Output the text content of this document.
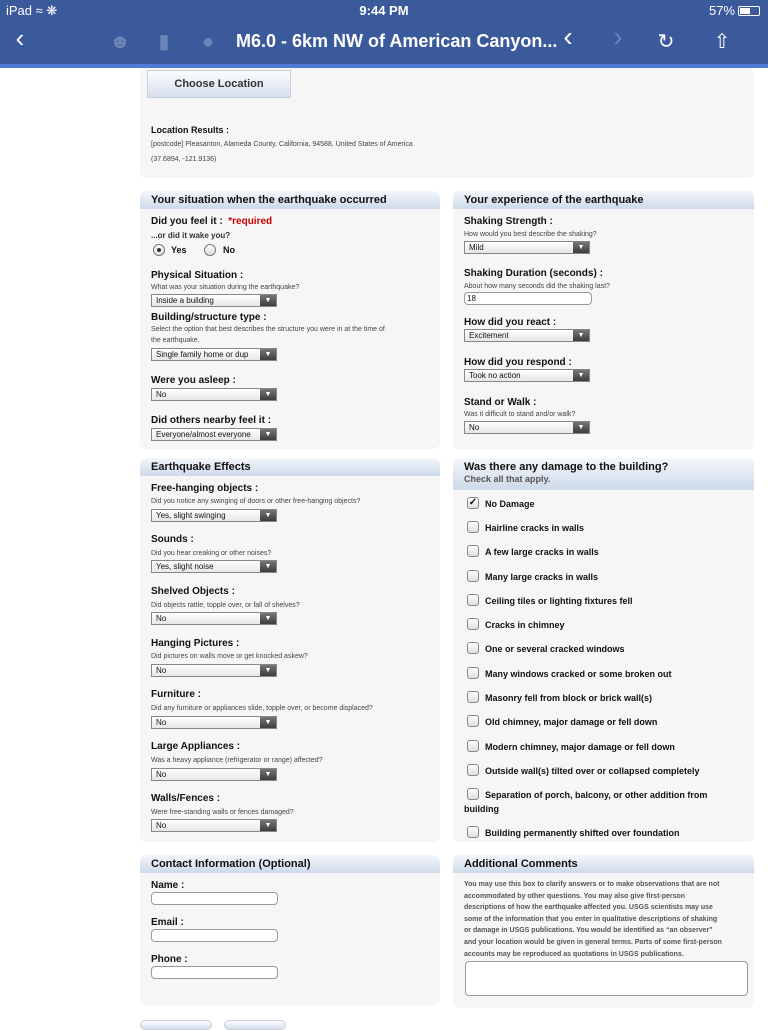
iPad ≈ ❋	9:44 PM	57%
‹	☻	▮	●	M6.0 - 6km NW of American Canyon... ‹	›	↻ ⇧
Choose Location
Location Results :
[postcode] Pleasanton, Alameda County, California, 94588, United States of America
(37.6894, -121.9136)
Your situation when the earthquake occurred
Did you feel it : *required
...or did it wake you?
Yes	No
Physical Situation :
What was your situation during the earthquake?
Inside a building	▼
Building/structure type :
Select the option that best describes the structure you were in at the time of
the earthquake.
Single family home or dup	▼
Were you asleep :
No	▼
Did others nearby feel it :
Everyone/almost everyone	▼
Your experience of the earthquake
Shaking Strength :
How would you best describe the shaking?
Mild	▼
Shaking Duration (seconds) :
About how many seconds did the shaking last?
18
How did you react :
Excitement	▼
How did you respond :
Took no action	▼
Stand or Walk :
Was it difficult to stand and/or walk?
No	▼
Earthquake Effects
Free-hanging objects :
Did you notice any swinging of doors or other free-hanging objects?
Yes, slight swinging	▼
Sounds :
Did you hear creaking or other noises?
Yes, slight noise	▼
Shelved Objects :
Did objects rattle, topple over, or fall of shelves?
No	▼
Hanging Pictures :
Did pictures on walls move or get knocked askew?
No	▼
Furniture :
Did any furniture or appliances slide, topple over, or become displaced?
No	▼
Large Appliances :
Was a heavy appliance (refrigerator or range) affected?
No	▼
Walls/Fences :
Were free-standing walls or fences damaged?
No	▼
Was there any damage to the building?
Check all that apply.
✓ No Damage
Hairline cracks in walls
A few large cracks in walls
Many large cracks in walls
Ceiling tiles or lighting fixtures fell
Cracks in chimney
One or several cracked windows
Many windows cracked or some broken out
Masonry fell from block or brick wall(s)
Old chimney, major damage or fell down
Modern chimney, major damage or fell down
Outside wall(s) tilted over or collapsed completely
Separation of porch, balcony, or other addition from
building
Building permanently shifted over foundation
Contact Information (Optional)
Name :
Email :
Phone :
Additional Comments
You may use this box to clarify answers or to make observations that are not
accommodated by other questions. You may also give first-person
descriptions of how the earthquake affected you. USGS scientists may use
some of the information that you enter in qualitative descriptions of shaking
or damage in USGS publications. You would be identified as “an observer”
and your location would be given in general terms. Parts of some first-person
accounts may be reproduced as quotations in USGS publications.
